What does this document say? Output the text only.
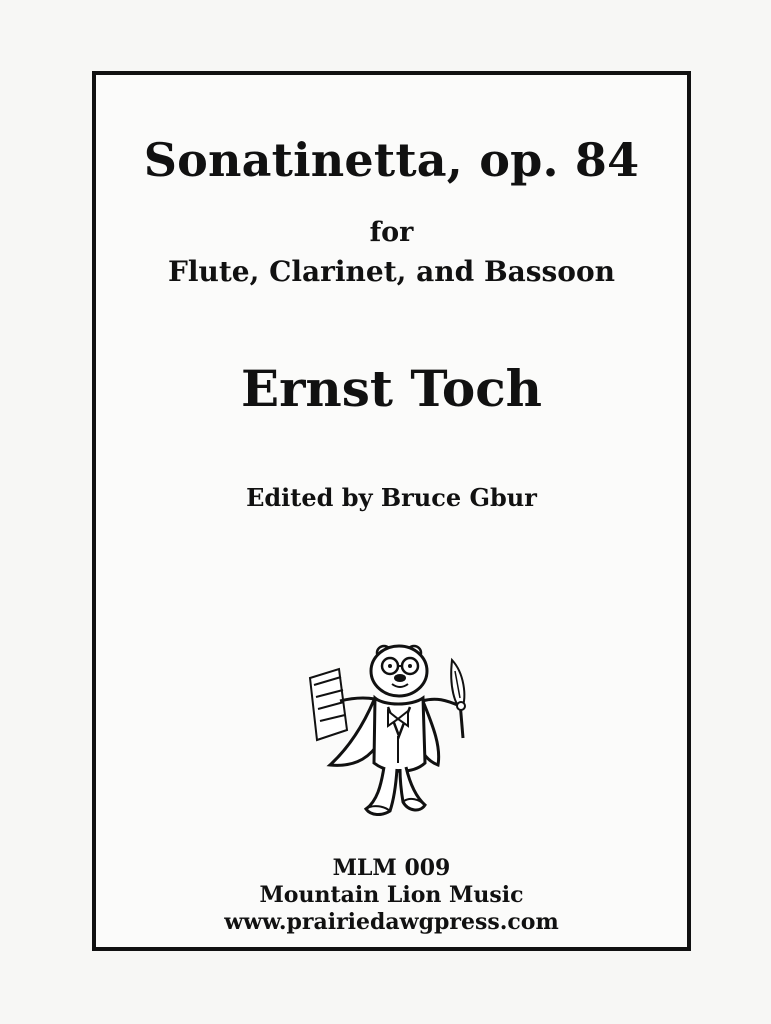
Sonatinetta, op. 84
for
Flute, Clarinet, and Bassoon
Ernst Toch
Edited by Bruce Gbur
MLM 009
Mountain Lion Music
www.prairiedawgpress.com
